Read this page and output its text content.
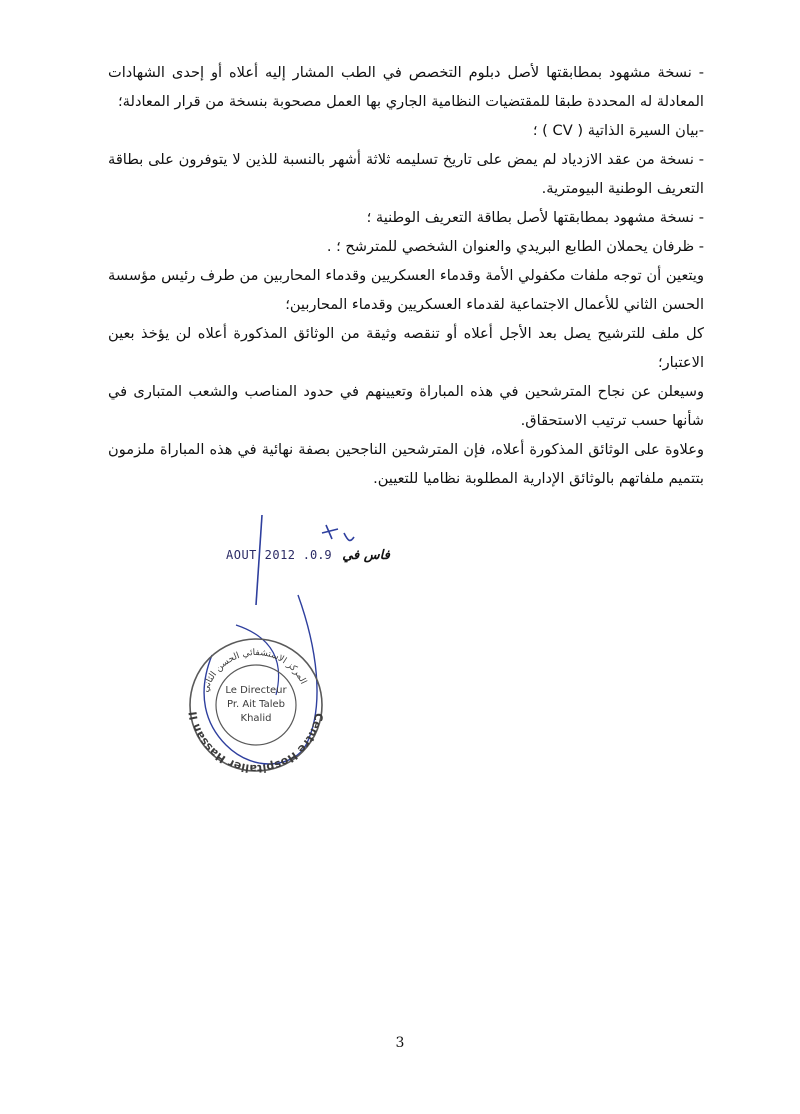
- نسخة مشهود بمطابقتها لأصل دبلوم التخصص في الطب المشار إليه أعلاه أو إحدى الشهادات المعادلة له المحددة طبقا للمقتضيات النظامية الجاري بها العمل مصحوبة بنسخة من قرار المعادلة؛

-بيان السيرة الذاتية ( CV ) ؛

- نسخة من عقد الازدياد لم يمض على تاريخ تسليمه ثلاثة أشهر بالنسبة للذين لا يتوفرون على بطاقة التعريف الوطنية البيومترية.

- نسخة مشهود بمطابقتها لأصل بطاقة التعريف الوطنية ؛

- ظرفان يحملان الطابع البريدي والعنوان الشخصي للمترشح ؛ .

ويتعين أن توجه ملفات مكفولي الأمة وقدماء العسكريين وقدماء المحاربين من طرف رئيس مؤسسة الحسن الثاني للأعمال الاجتماعية لقدماء العسكريين وقدماء المحاربين؛

كل ملف للترشيح يصل بعد الأجل أعلاه أو تنقصه وثيقة من الوثائق المذكورة أعلاه لن يؤخذ بعين الاعتبار؛

وسيعلن عن نجاح المترشحين في هذه المباراة وتعيينهم في حدود المناصب والشعب المتبارى في شأنها حسب ترتيب الاستحقاق.

وعلاوة على الوثائق المذكورة أعلاه، فإن المترشحين الناجحين بصفة نهائية في هذه المباراة ملزمون بتتميم ملفاتهم بالوثائق الإدارية المطلوبة نظاميا للتعيين.

فاس في 0.9. AOUT 2012
Centre Hospitalier Hassan II
المركز الاستشفائي الحسن الثاني
Le Directeur
Pr. Ait Taleb
Khalid
3
